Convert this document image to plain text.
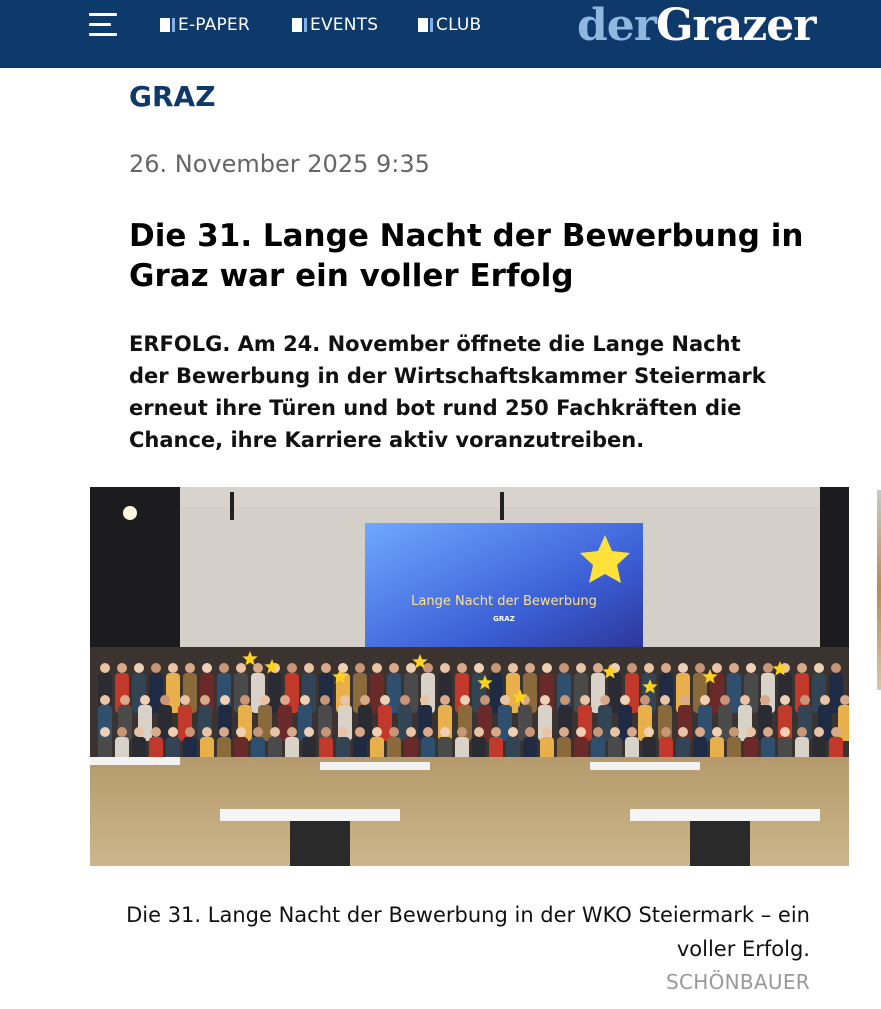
E-PAPER	EVENTS	CLUB derGrazer
GRAZ
26. November 2025 9:35
Die 31. Lange Nacht der Bewerbung in Graz war ein voller Erfolg

ERFOLG. Am 24. November öffnete die Lange Nacht der Bewerbung in der Wirtschaftskammer Steiermark erneut ihre Türen und bot rund 250 Fachkräften die Chance, ihre Karriere aktiv voranzutreiben.

Lange Nacht der Bewerbung
GRAZ

Die 31. Lange Nacht der Bewerbung in der WKO Steiermark – ein voller Erfolg.

SCHÖNBAUER
